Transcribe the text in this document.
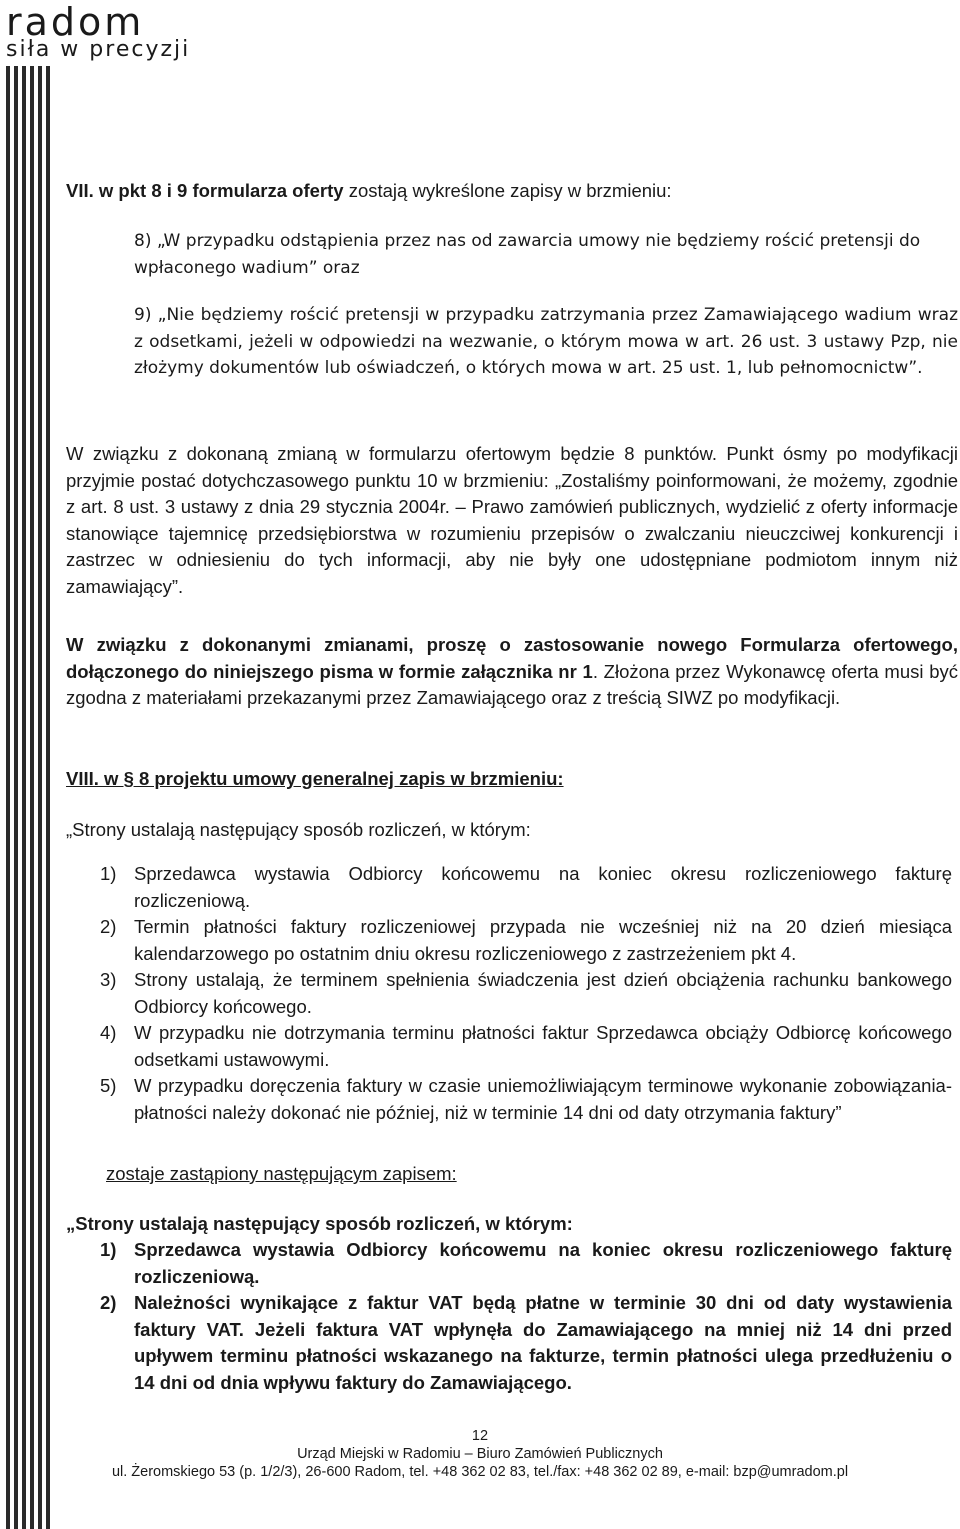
radom
siła w precyzji
VII. w pkt 8 i 9 formularza oferty zostają wykreślone zapisy w brzmieniu:
8) „W przypadku odstąpienia przez nas od zawarcia umowy nie będziemy rościć pretensji do wpłaconego wadium” oraz
9) „Nie będziemy rościć pretensji w przypadku zatrzymania przez Zamawiającego wadium wraz z odsetkami, jeżeli w odpowiedzi na wezwanie, o którym mowa w art. 26 ust. 3 ustawy Pzp, nie złożymy dokumentów lub oświadczeń, o których mowa w art. 25 ust. 1, lub pełnomocnictw”.
W związku z dokonaną zmianą w formularzu ofertowym będzie 8 punktów. Punkt ósmy po modyfikacji przyjmie postać dotychczasowego punktu 10 w brzmieniu: „Zostaliśmy poinformowani, że możemy, zgodnie z art. 8 ust. 3 ustawy z dnia 29 stycznia 2004r. – Prawo zamówień publicznych, wydzielić z oferty informacje stanowiące tajemnicę przedsiębiorstwa w rozumieniu przepisów o zwalczaniu nieuczciwej konkurencji i zastrzec w odniesieniu do tych informacji, aby nie były one udostępniane podmiotom innym niż zamawiający”.
W związku z dokonanymi zmianami, proszę o zastosowanie nowego Formularza ofertowego, dołączonego do niniejszego pisma w formie załącznika nr 1. Złożona przez Wykonawcę oferta musi być zgodna z materiałami przekazanymi przez Zamawiającego oraz z treścią SIWZ po modyfikacji.
VIII. w § 8 projektu umowy generalnej zapis w brzmieniu:
„Strony ustalają następujący sposób rozliczeń, w którym:
1) Sprzedawca wystawia Odbiorcy końcowemu na koniec okresu rozliczeniowego fakturę rozliczeniową.
2) Termin płatności faktury rozliczeniowej przypada nie wcześniej niż na 20 dzień miesiąca kalendarzowego po ostatnim dniu okresu rozliczeniowego z zastrzeżeniem pkt 4.
3) Strony ustalają, że terminem spełnienia świadczenia jest dzień obciążenia rachunku bankowego Odbiorcy końcowego.
4) W przypadku nie dotrzymania terminu płatności faktur Sprzedawca obciąży Odbiorcę końcowego odsetkami ustawowymi.
5) W przypadku doręczenia faktury w czasie uniemożliwiającym terminowe wykonanie zobowiązania- płatności należy dokonać nie później, niż w terminie 14 dni od daty otrzymania faktury”
zostaje zastąpiony następującym zapisem:
„Strony ustalają następujący sposób rozliczeń, w którym:
1) Sprzedawca wystawia Odbiorcy końcowemu na koniec okresu rozliczeniowego fakturę rozliczeniową.
2) Należności wynikające z faktur VAT będą płatne w terminie 30 dni od daty wystawienia faktury VAT. Jeżeli faktura VAT wpłynęła do Zamawiającego na mniej niż 14 dni przed upływem terminu płatności wskazanego na fakturze, termin płatności ulega przedłużeniu o 14 dni od dnia wpływu faktury do Zamawiającego.
12
Urząd Miejski w Radomiu – Biuro Zamówień Publicznych
ul. Żeromskiego 53 (p. 1/2/3), 26-600 Radom, tel. +48 362 02 83, tel./fax: +48 362 02 89, e-mail: bzp@umradom.pl
